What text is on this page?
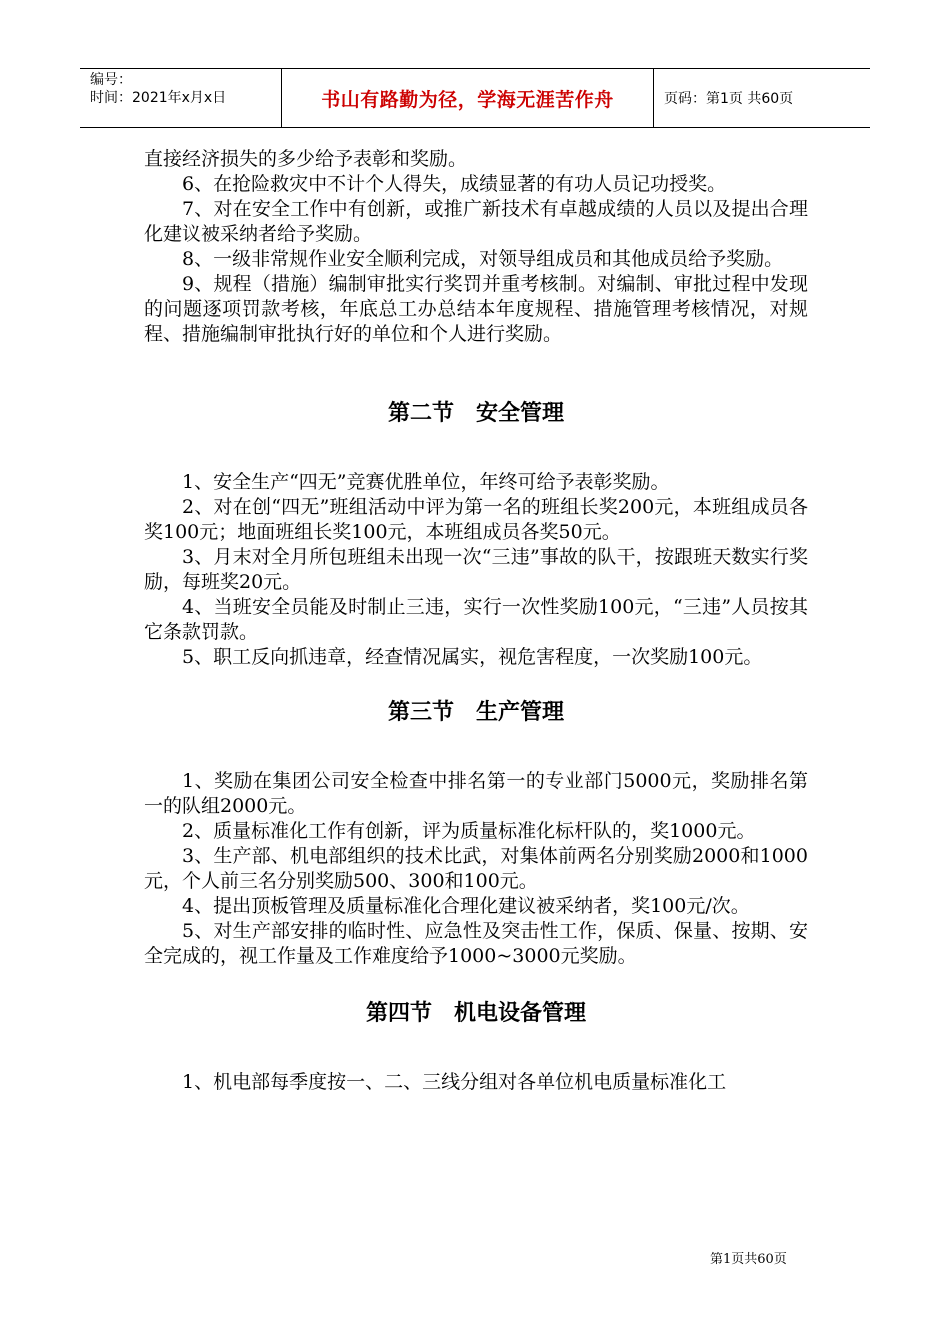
编号：
时间：2021年x月x日	书山有路勤为径，学海无涯苦作舟	页码：第1页 共60页

直接经济损失的多少给予表彰和奖励。

6、在抢险救灾中不计个人得失，成绩显著的有功人员记功授奖。

7、对在安全工作中有创新，或推广新技术有卓越成绩的人员以及提出合理化建议被采纳者给予奖励。

8、一级非常规作业安全顺利完成，对领导组成员和其他成员给予奖励。

9、规程（措施）编制审批实行奖罚并重考核制。对编制、审批过程中发现的问题逐项罚款考核，年底总工办总结本年度规程、措施管理考核情况，对规程、措施编制审批执行好的单位和个人进行奖励。

第二节　安全管理

1、安全生产“四无”竞赛优胜单位，年终可给予表彰奖励。

2、对在创“四无”班组活动中评为第一名的班组长奖200元，本班组成员各奖100元；地面班组长奖100元，本班组成员各奖50元。

3、月末对全月所包班组未出现一次“三违”事故的队干，按跟班天数实行奖励，每班奖20元。

4、当班安全员能及时制止三违，实行一次性奖励100元，“三违”人员按其它条款罚款。

5、职工反向抓违章，经查情况属实，视危害程度，一次奖励100元。

第三节　生产管理

1、奖励在集团公司安全检查中排名第一的专业部门5000元，奖励排名第一的队组2000元。

2、质量标准化工作有创新，评为质量标准化标杆队的，奖1000元。

3、生产部、机电部组织的技术比武，对集体前两名分别奖励2000和1000元，个人前三名分别奖励500、300和100元。

4、提出顶板管理及质量标准化合理化建议被采纳者，奖100元/次。

5、对生产部安排的临时性、应急性及突击性工作，保质、保量、按期、安全完成的，视工作量及工作难度给予1000~3000元奖励。

第四节　机电设备管理

1、机电部每季度按一、二、三线分组对各单位机电质量标准化工

第1页共60页
